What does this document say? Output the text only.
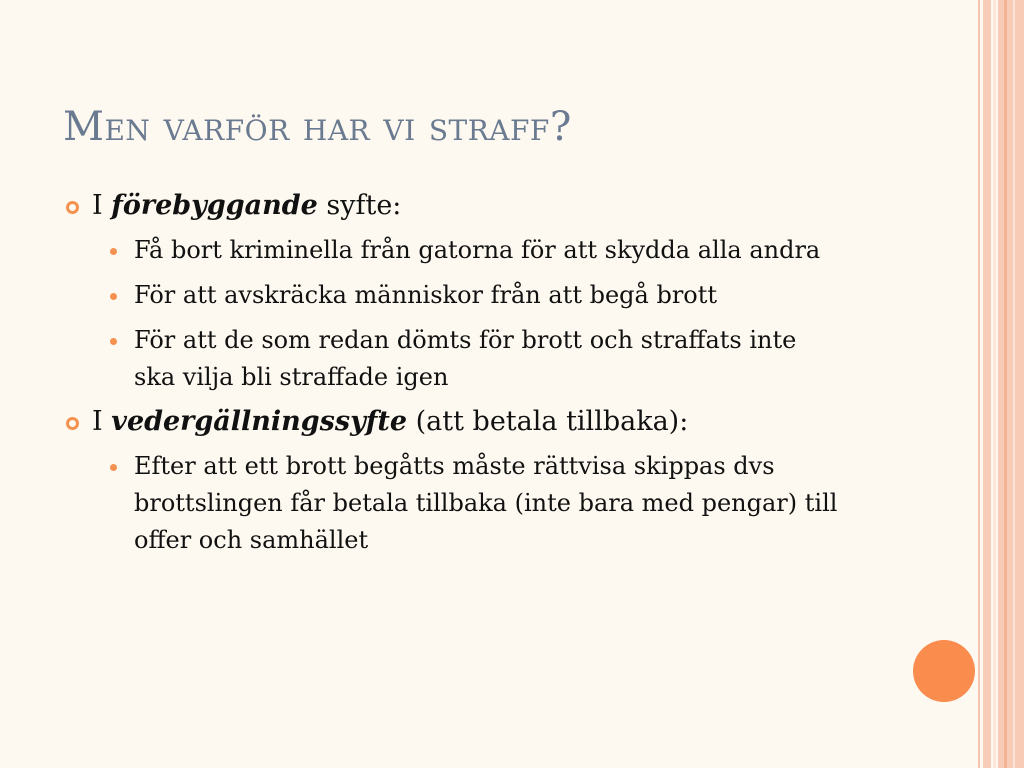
Men varför har vi straff?
I förebyggande syfte:
Få bort kriminella från gatorna för att skydda alla andra
För att avskräcka människor från att begå brott
För att de som redan dömts för brott och straffats inte ska vilja bli straffade igen
I vedergällningssyfte (att betala tillbaka):
Efter att ett brott begåtts måste rättvisa skippas dvs brottslingen får betala tillbaka (inte bara med pengar) till offer och samhället
